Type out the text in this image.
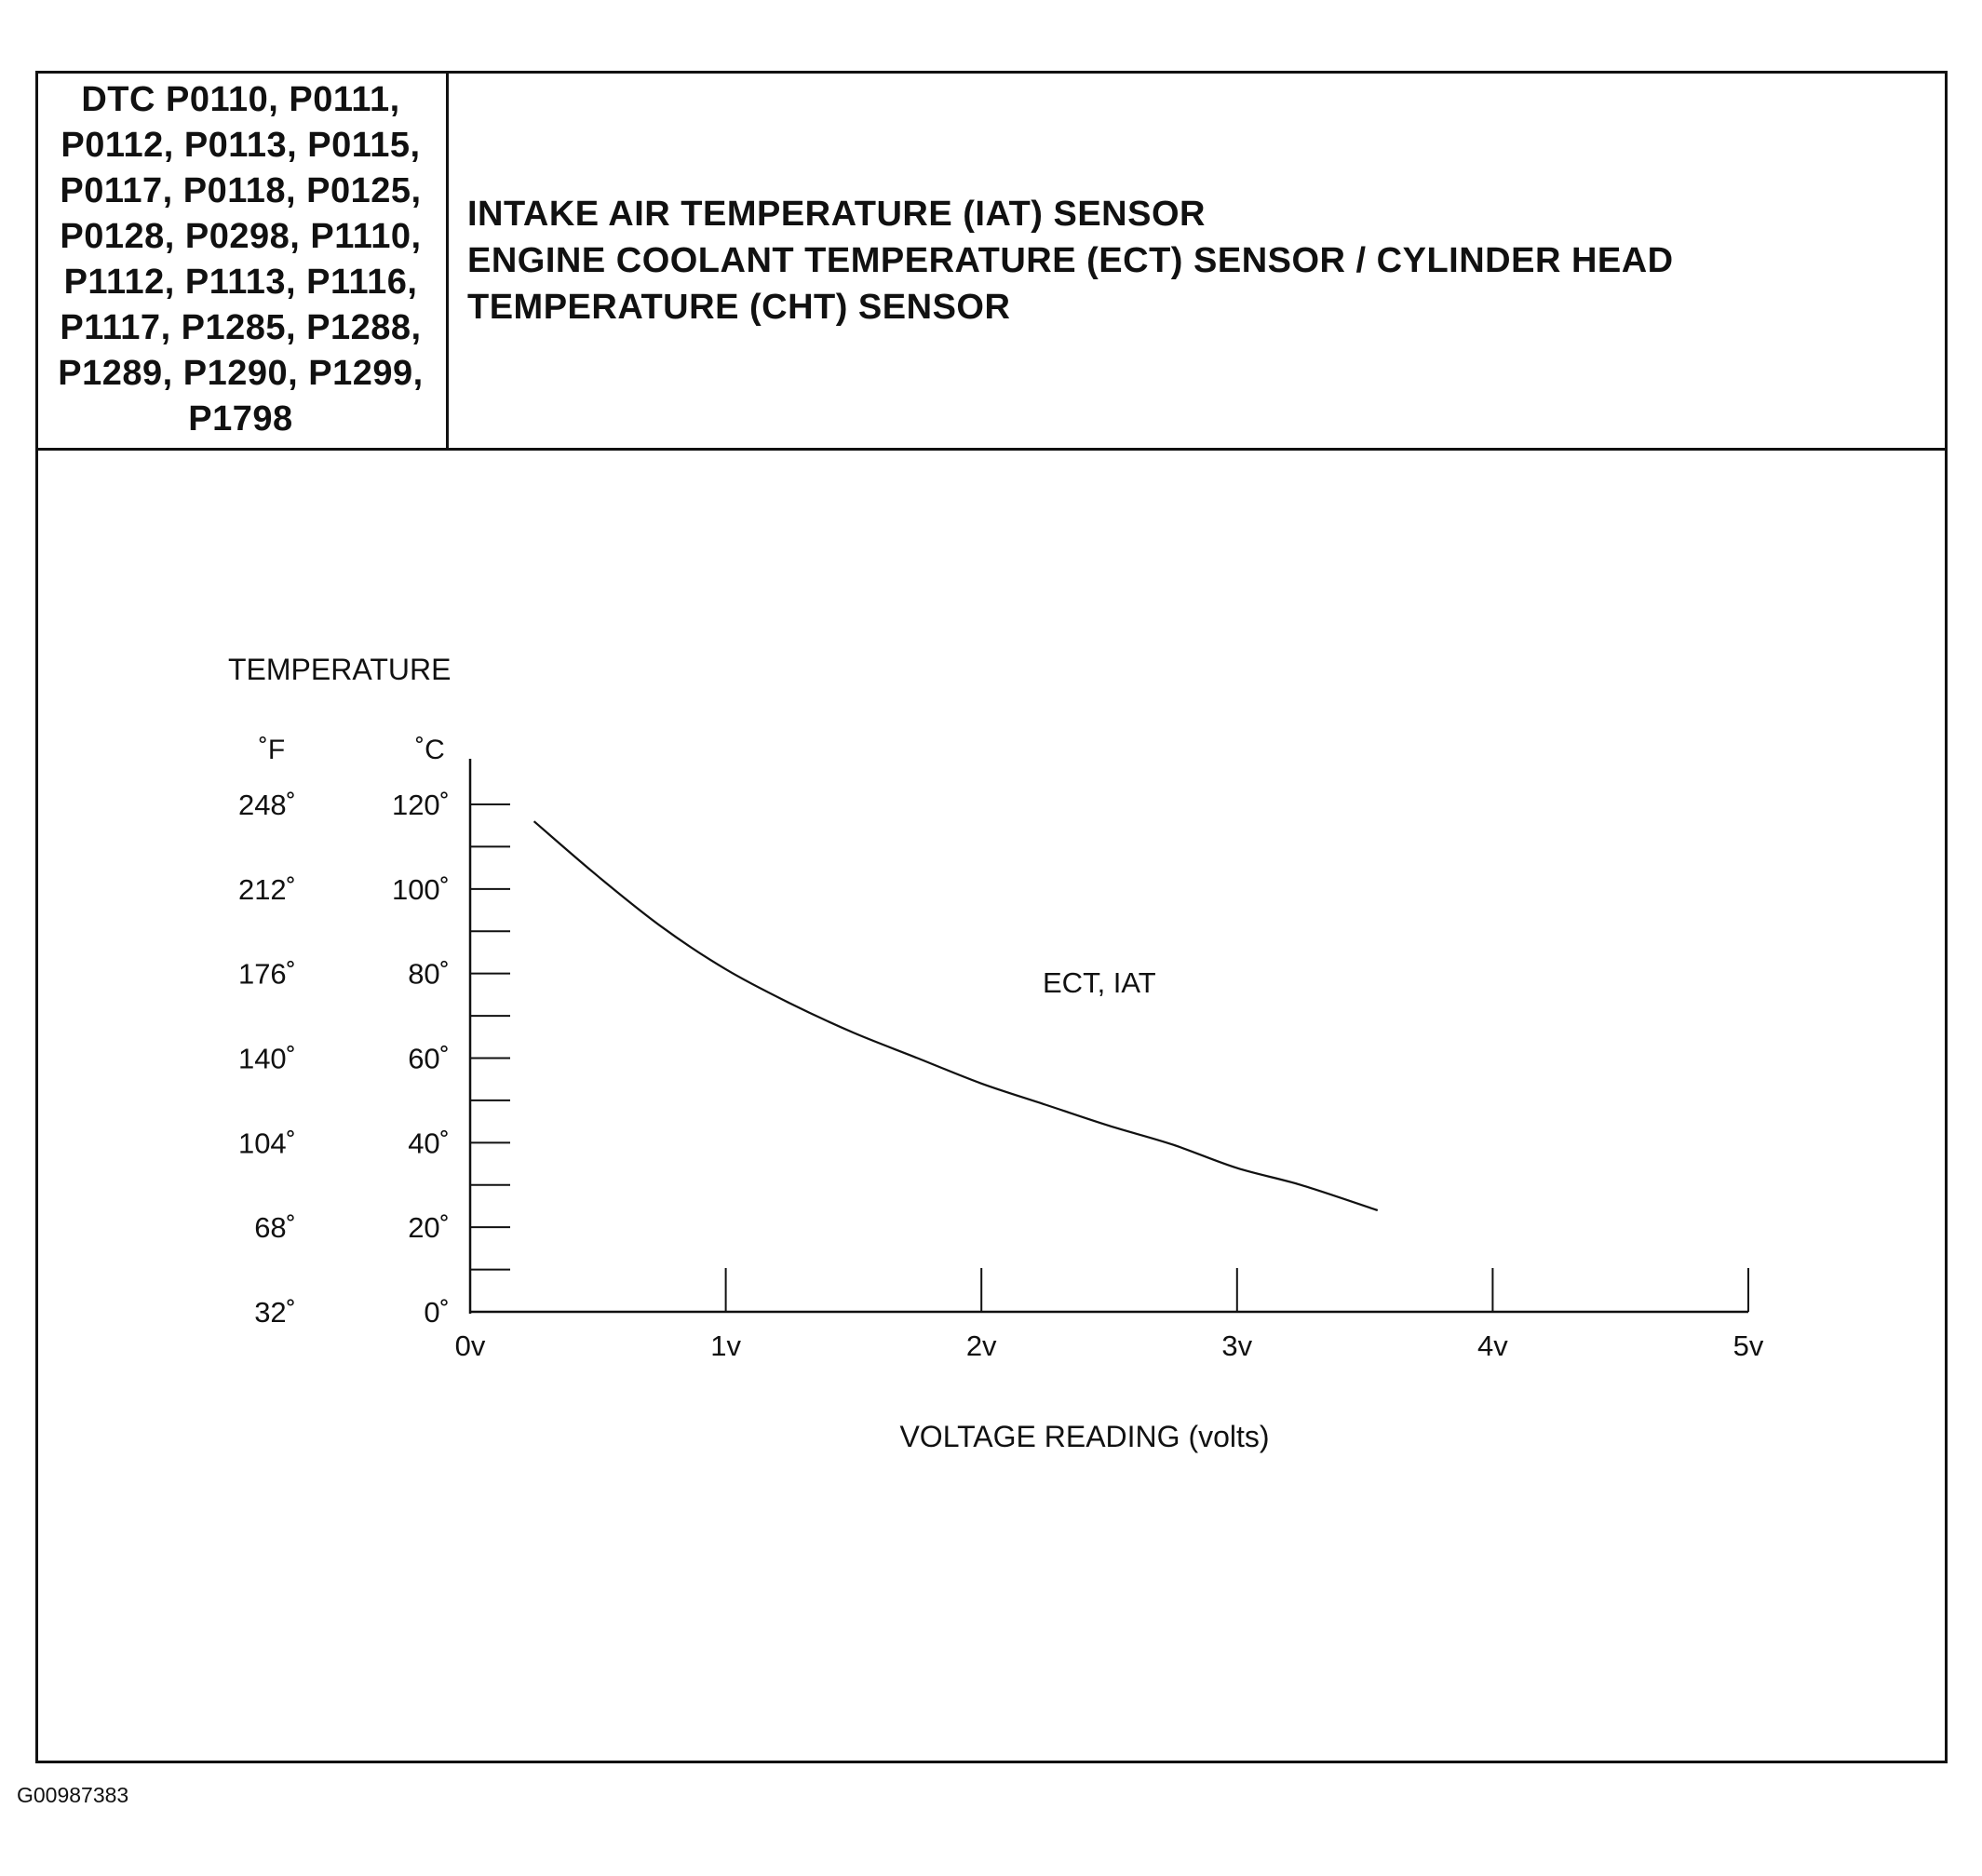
DTC P0110, P0111,
P0112, P0113, P0115,
P0117, P0118, P0125,
P0128, P0298, P1110,
P1112, P1113, P1116,
P1117, P1285, P1288,
P1289, P1290, P1299,
P1798
INTAKE AIR TEMPERATURE (IAT) SENSOR
ENGINE COOLANT TEMPERATURE (ECT) SENSOR / CYLINDER HEAD
TEMPERATURE (CHT) SENSOR
TEMPERATURE
˚F	˚C
VOLTAGE READING (volts)
ECT, IAT
0˚
32˚
20˚
68˚
40˚
104˚
60˚
140˚
80˚
176˚
100˚
212˚
120˚
248˚
0v	1v	2v	3v	4v	5v
G00987383
